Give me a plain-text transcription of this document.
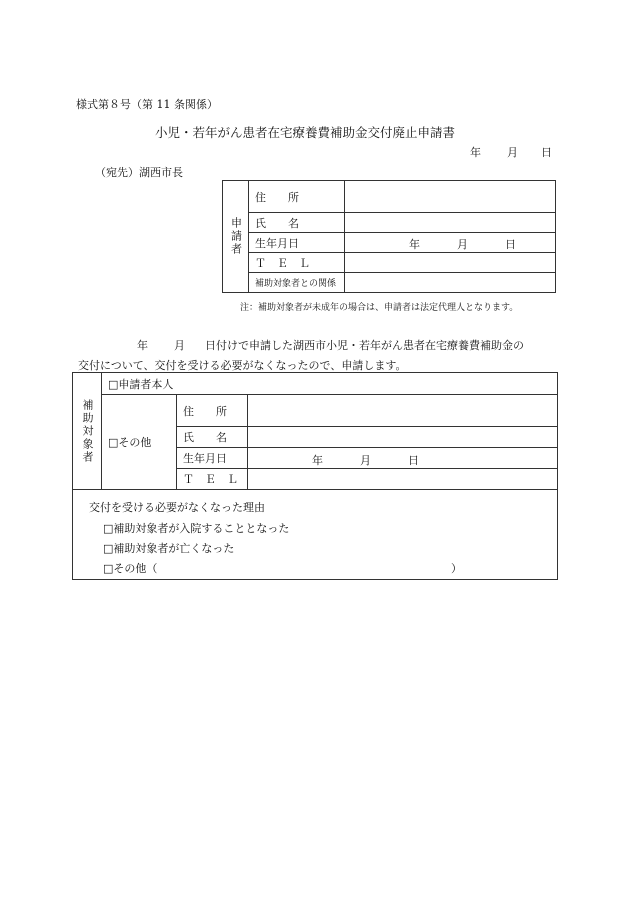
様式第８号（第 11 条関係）
小児・若年がん患者在宅療養費補助金交付廃止申請書
年 月 日
（宛先）湖西市長
申請者	住　　所	
	氏　　名	
	生年月日	年 月 日

	Ｔ　Ｅ　Ｌ	
	補助対象者との関係	
注：補助対象者が未成年の場合は、申請者は法定代理人となります。
年 月 日付けで申請した湖西市小児・若年がん患者在宅療養費補助金の
交付について、交付を受ける必要がなくなったので、申請します。
補助対象者	□申請者本人		
	□その他	住　　所	
		氏　　名	
		生年月日	年 月 日

		Ｔ　Ｅ　Ｌ	

交付を受ける必要がなくなった理由
□補助対象者が入院することとなった
□補助対象者が亡くなった
□その他（ ）			
